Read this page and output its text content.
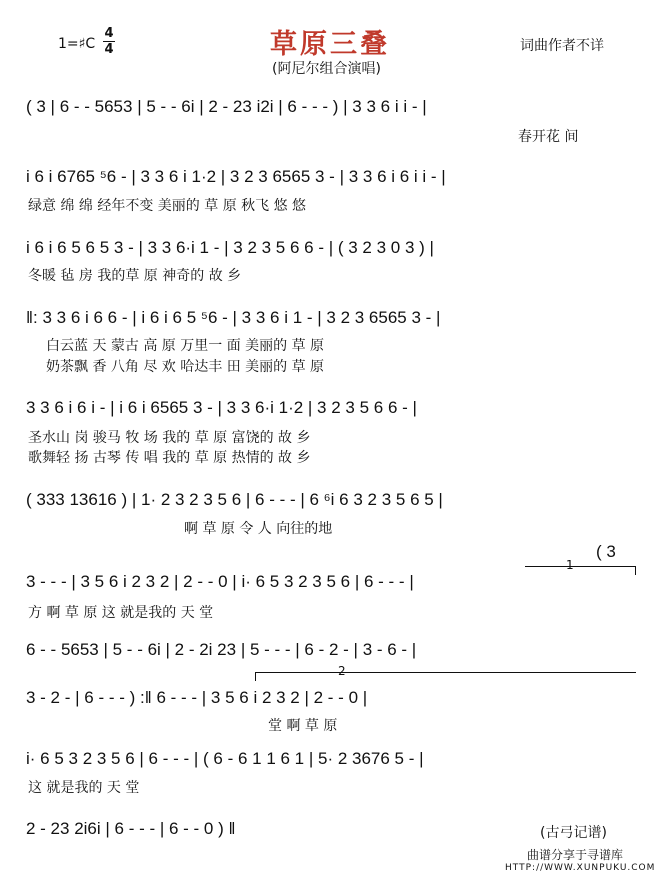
1=♯C
4
4	草原三叠
(阿尼尔组合演唱)
词曲作者不详
( 3 | 6 - - 5653 | 5 - - 6i | 2 - 23 i2i | 6 - - - ) | 3 3 6 i i - |
春开花 间
i 6 i 6765 ⁵6 - | 3 3 6 i 1·2 | 3 2 3 6565 3 - | 3 3 6 i 6 i i - |
绿意 绵 绵 经年不变 美丽的 草 原 秋飞 悠 悠
i 6 i 6 5 6 5 3 - | 3 3 6·i 1 - | 3 2 3 5 6 6 - | ( 3 2 3 0 3 ) |
冬暖 毡 房 我的草 原 神奇的 故 乡
‖: 3 3 6 i 6 6 - | i 6 i 6 5 ⁵6 - | 3 3 6 i 1 - | 3 2 3 6565 3 - |
白云蓝 天 蒙古 高 原 万里一 面 美丽的 草 原
奶茶飘 香 八角 尽 欢 哈达丰 田 美丽的 草 原
3 3 6 i 6 i - | i 6 i 6565 3 - | 3 3 6·i 1·2 | 3 2 3 5 6 6 - |
圣水山 岗 骏马 牧 场 我的 草 原 富饶的 故 乡
歌舞轻 扬 古琴 传 唱 我的 草 原 热情的 故 乡
( 333 13616 ) | 1· 2 3 2 3 5 6 | 6 - - - | 6 ⁶i 6 3 2 3 5 6 5 |
啊 草 原 令 人 向往的地
1
( 3
3 - - - | 3 5 6 i 2 3 2 | 2 - - 0 | i· 6 5 3 2 3 5 6 | 6 - - - |
方 啊 草 原 这 就是我的 天 堂
6 - - 5653 | 5 - - 6i | 2 - 2i 23 | 5 - - - | 6 - 2 - | 3 - 6 - |
2
3 - 2 - | 6 - - - ) :‖ 6 - - - | 3 5 6 i 2 3 2 | 2 - - 0 |
堂 啊 草 原
i· 6 5 3 2 3 5 6 | 6 - - - | ( 6 - 6 1 1 6 1 | 5· 2 3676 5 - |
这 就是我的 天 堂
2 - 23 2i6i | 6 - - - | 6 - - 0 ) ‖	(古弓记谱)
曲谱分享于寻谱库
HTTP://WWW.XUNPUKU.COM
